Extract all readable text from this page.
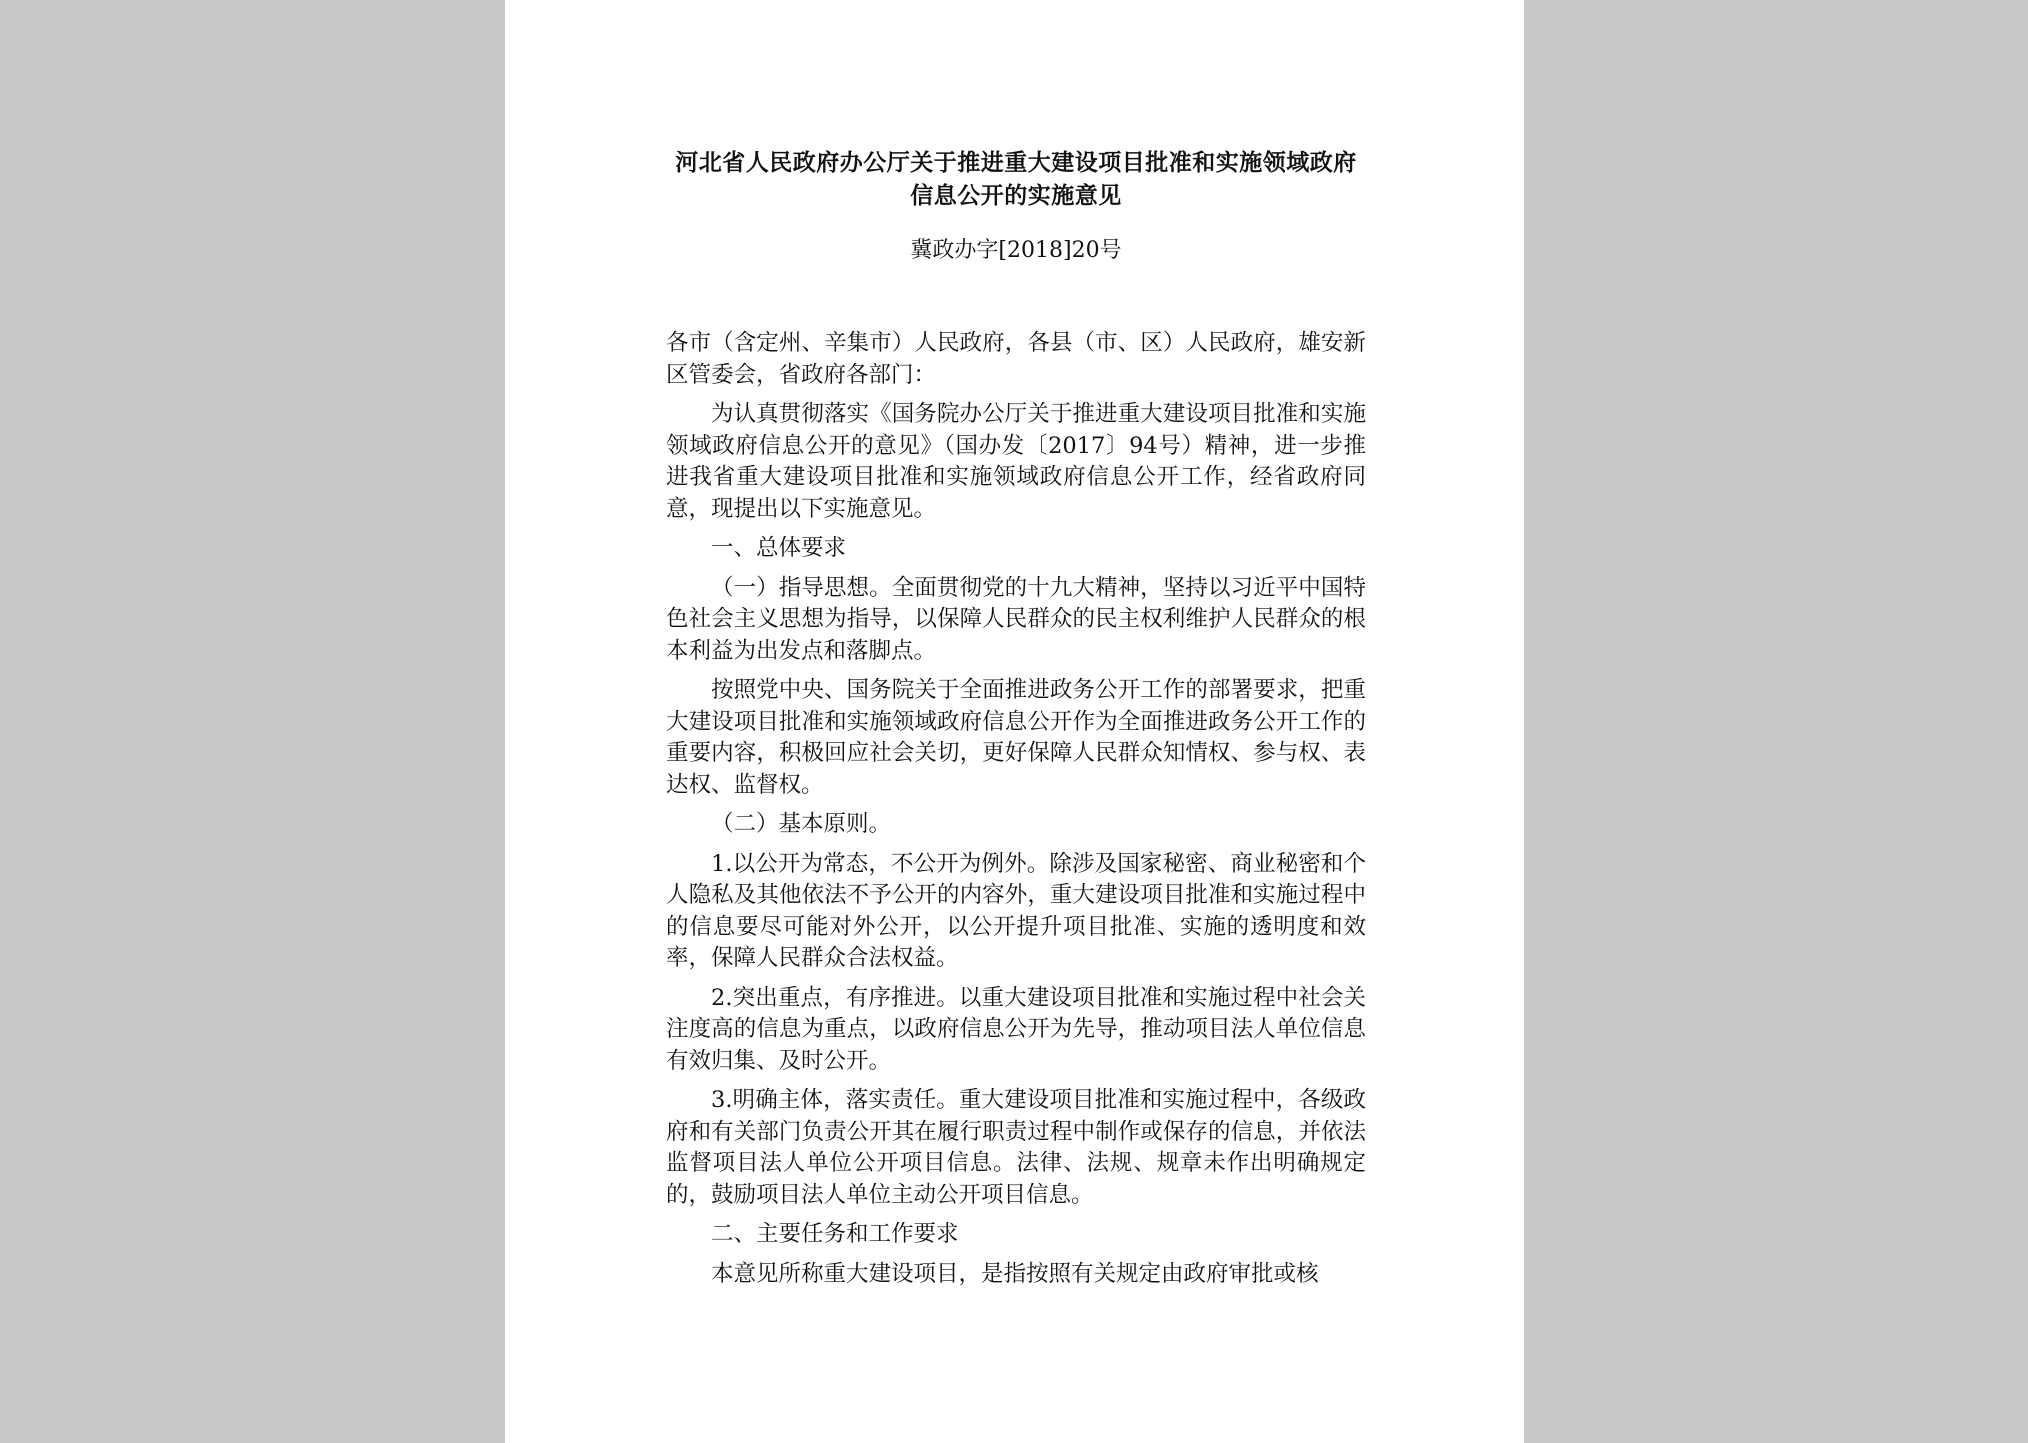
河北省人民政府办公厅关于推进重大建设项目批准和实施领域政府
信息公开的实施意见
冀政办字[2018]20号

各市（含定州、辛集市）人民政府，各县（市、区）人民政府，雄安新区管委会，省政府各部门：

为认真贯彻落实《国务院办公厅关于推进重大建设项目批准和实施领域政府信息公开的意见》（国办发〔2017〕94号）精神，进一步推进我省重大建设项目批准和实施领域政府信息公开工作，经省政府同意，现提出以下实施意见。

一、总体要求

（一）指导思想。全面贯彻党的十九大精神，坚持以习近平中国特色社会主义思想为指导，以保障人民群众的民主权利维护人民群众的根本利益为出发点和落脚点。

按照党中央、国务院关于全面推进政务公开工作的部署要求，把重大建设项目批准和实施领域政府信息公开作为全面推进政务公开工作的重要内容，积极回应社会关切，更好保障人民群众知情权、参与权、表达权、监督权。

（二）基本原则。

1.以公开为常态，不公开为例外。除涉及国家秘密、商业秘密和个人隐私及其他依法不予公开的内容外，重大建设项目批准和实施过程中的信息要尽可能对外公开，以公开提升项目批准、实施的透明度和效率，保障人民群众合法权益。

2.突出重点，有序推进。以重大建设项目批准和实施过程中社会关注度高的信息为重点，以政府信息公开为先导，推动项目法人单位信息有效归集、及时公开。

3.明确主体，落实责任。重大建设项目批准和实施过程中，各级政府和有关部门负责公开其在履行职责过程中制作或保存的信息，并依法监督项目法人单位公开项目信息。法律、法规、规章未作出明确规定的，鼓励项目法人单位主动公开项目信息。

二、主要任务和工作要求

本意见所称重大建设项目，是指按照有关规定由政府审批或核
